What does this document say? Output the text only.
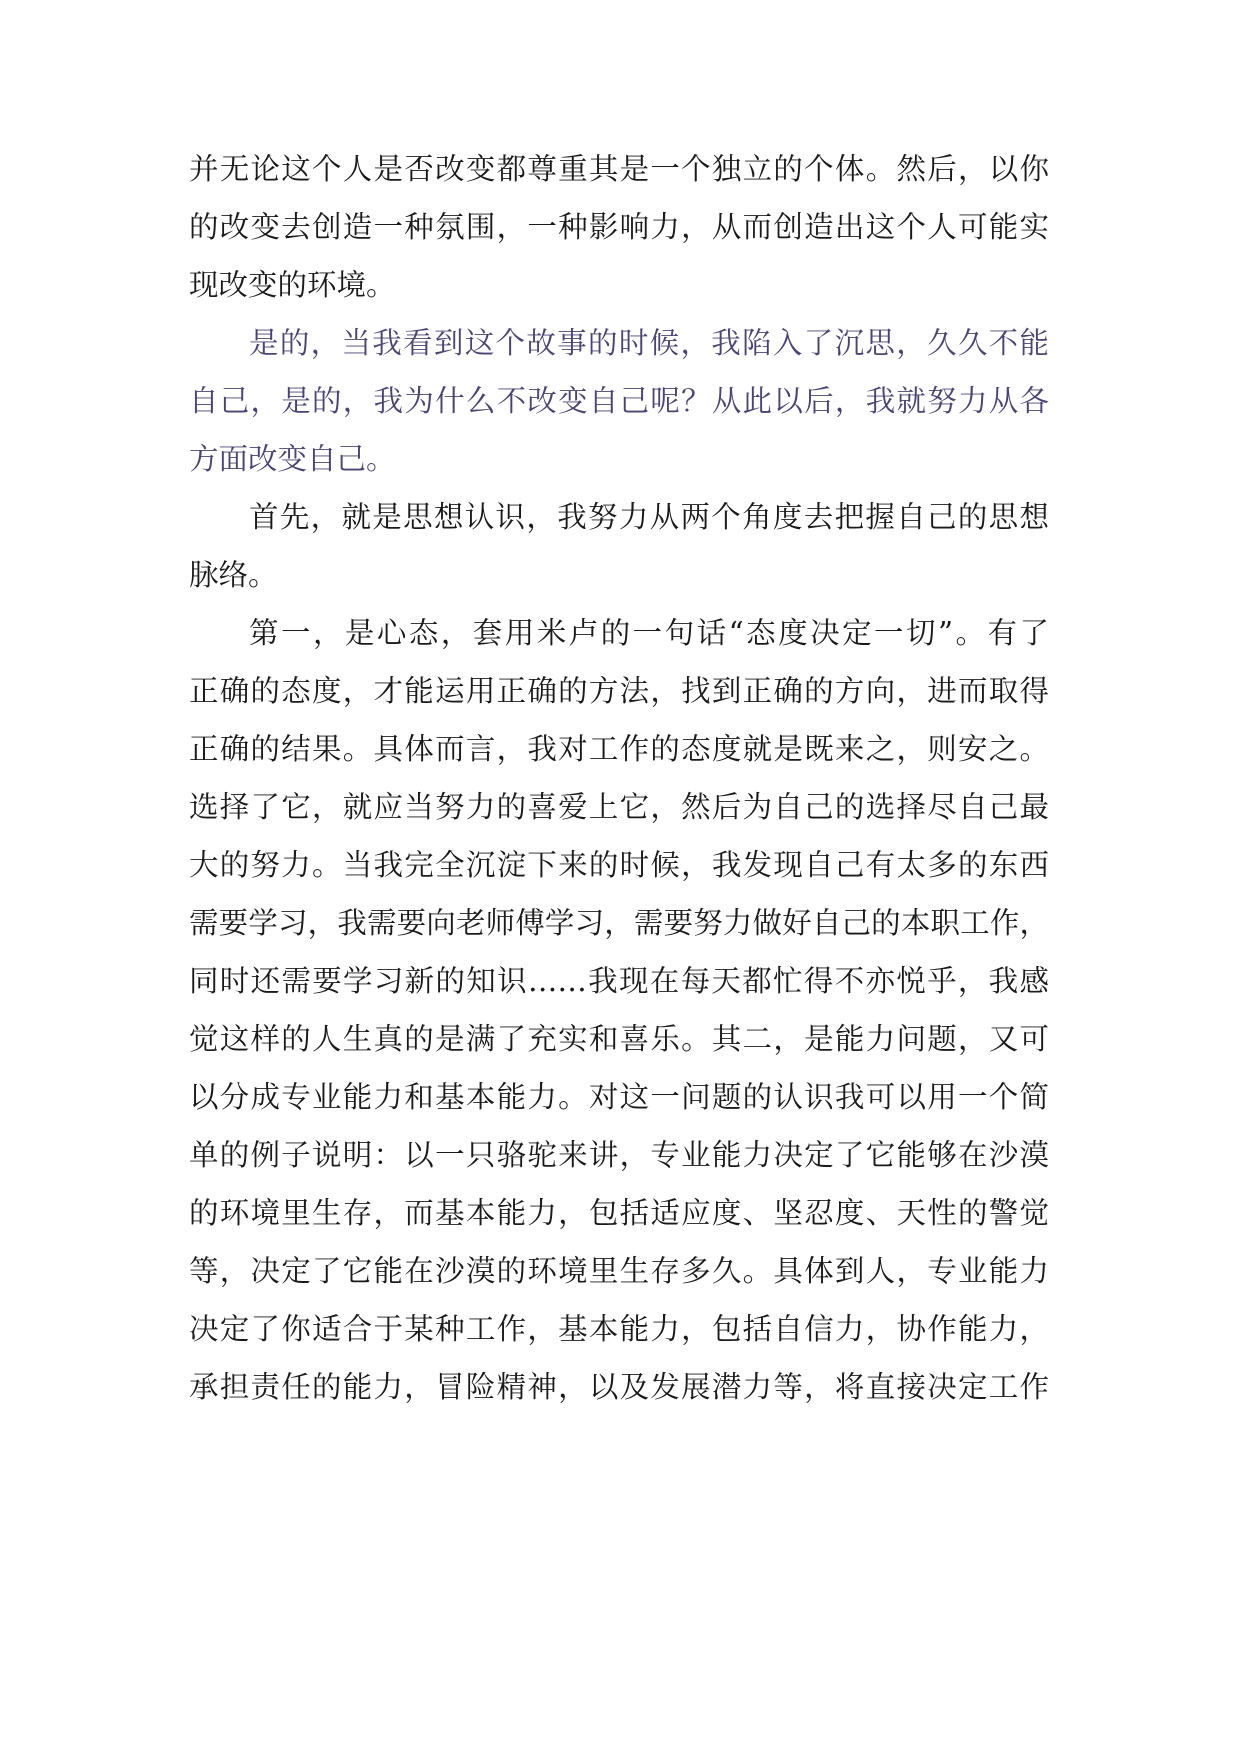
并无论这个人是否改变都尊重其是一个独立的个体。然后，以你
的改变去创造一种氛围，一种影响力，从而创造出这个人可能实
现改变的环境。
是的，当我看到这个故事的时候，我陷入了沉思，久久不能
自己，是的，我为什么不改变自己呢？从此以后，我就努力从各
方面改变自己。
首先，就是思想认识，我努力从两个角度去把握自己的思想
脉络。
第一，是心态，套用米卢的一句话“态度决定一切”。有了
正确的态度，才能运用正确的方法，找到正确的方向，进而取得
正确的结果。具体而言，我对工作的态度就是既来之，则安之。
选择了它，就应当努力的喜爱上它，然后为自己的选择尽自己最
大的努力。当我完全沉淀下来的时候，我发现自己有太多的东西
需要学习，我需要向老师傅学习，需要努力做好自己的本职工作，
同时还需要学习新的知识……我现在每天都忙得不亦悦乎，我感
觉这样的人生真的是满了充实和喜乐。其二，是能力问题，又可
以分成专业能力和基本能力。对这一问题的认识我可以用一个简
单的例子说明：以一只骆驼来讲，专业能力决定了它能够在沙漠
的环境里生存，而基本能力，包括适应度、坚忍度、天性的警觉
等，决定了它能在沙漠的环境里生存多久。具体到人，专业能力
决定了你适合于某种工作，基本能力，包括自信力，协作能力，
承担责任的能力，冒险精神，以及发展潜力等，将直接决定工作
